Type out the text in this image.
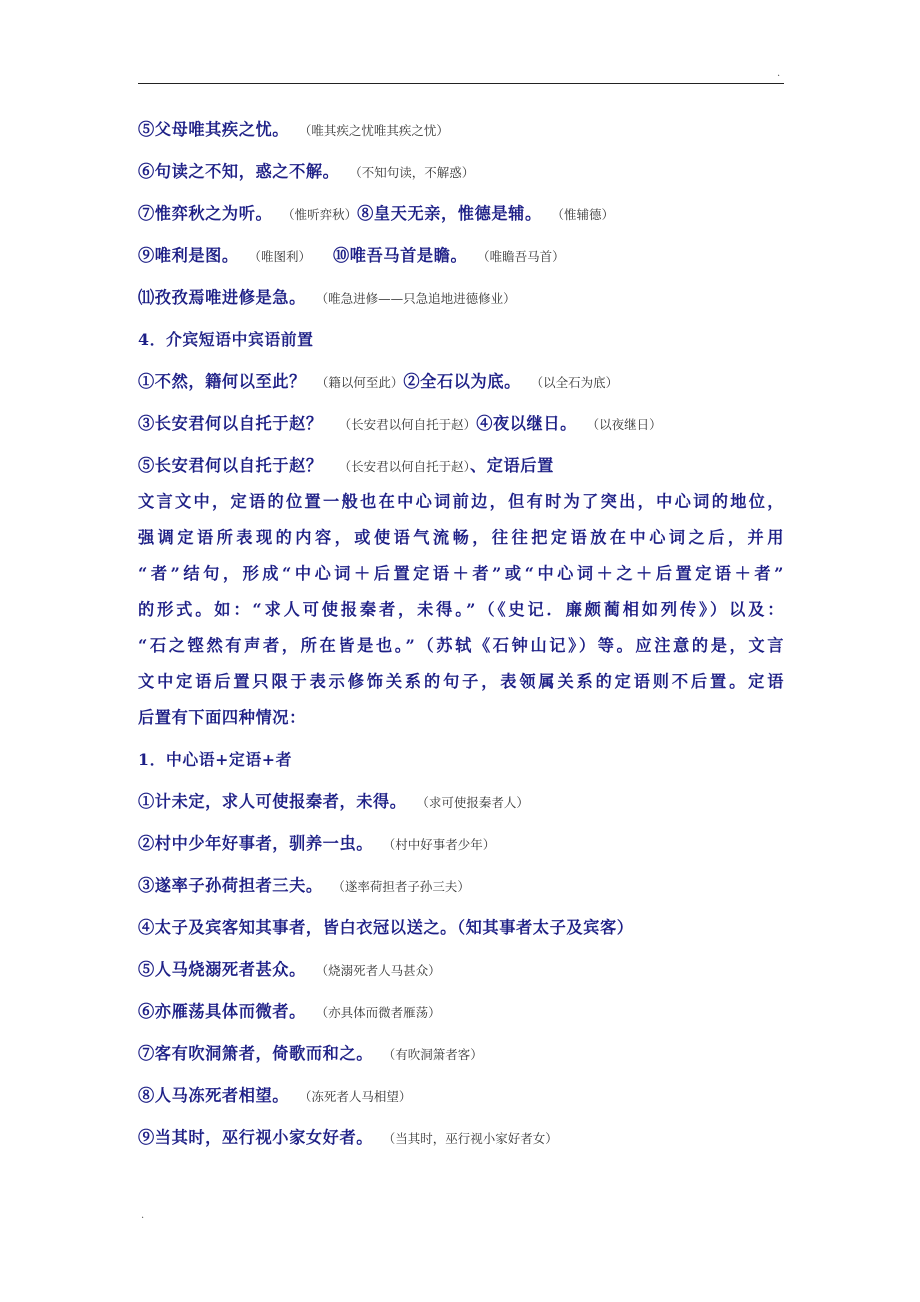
.
⑤父母唯其疾之忧。 （唯其疾之忧唯其疾之忧）
⑥句读之不知，惑之不解。 （不知句读，不解惑）
⑦惟弈秋之为听。 （惟听弈秋）⑧皇天无亲，惟德是辅。 （惟辅德）
⑨唯利是图。 （唯图利） ⑩唯吾马首是瞻。 （唯瞻吾马首）
⑾孜孜焉唯进修是急。 （唯急进修——只急追地进德修业）
4．介宾短语中宾语前置
①不然，籍何以至此？ （籍以何至此）②全石以为底。 （以全石为底）
③长安君何以自托于赵？ （长安君以何自托于赵）④夜以继日。 （以夜继日）
⑤长安君何以自托于赵？ （长安君以何自托于赵）、定语后置
文言文中，定语的位置一般也在中心词前边，但有时为了突出，中心词的地位，
强调定语所表现的内容，或使语气流畅，往往把定语放在中心词之后，并用
“者”结句，形成“中心词＋后置定语＋者”或“中心词＋之＋后置定语＋者”
的形式。如：“求人可使报秦者，未得。”（《史记．廉颇蔺相如列传》）以及：
“石之铿然有声者，所在皆是也。”（苏轼《石钟山记》）等。应注意的是，文言
文中定语后置只限于表示修饰关系的句子，表领属关系的定语则不后置。定语
后置有下面四种情况：
1．中心语+定语+者
①计未定，求人可使报秦者，未得。 （求可使报秦者人）
②村中少年好事者，驯养一虫。 （村中好事者少年）
③遂率子孙荷担者三夫。 （遂率荷担者子孙三夫）
④太子及宾客知其事者，皆白衣冠以送之。（知其事者太子及宾客）
⑤人马烧溺死者甚众。 （烧溺死者人马甚众）
⑥亦雁荡具体而微者。 （亦具体而微者雁荡）
⑦客有吹洞箫者，倚歌而和之。 （有吹洞箫者客）
⑧人马冻死者相望。 （冻死者人马相望）
⑨当其时，巫行视小家女好者。 （当其时，巫行视小家好者女）
.
